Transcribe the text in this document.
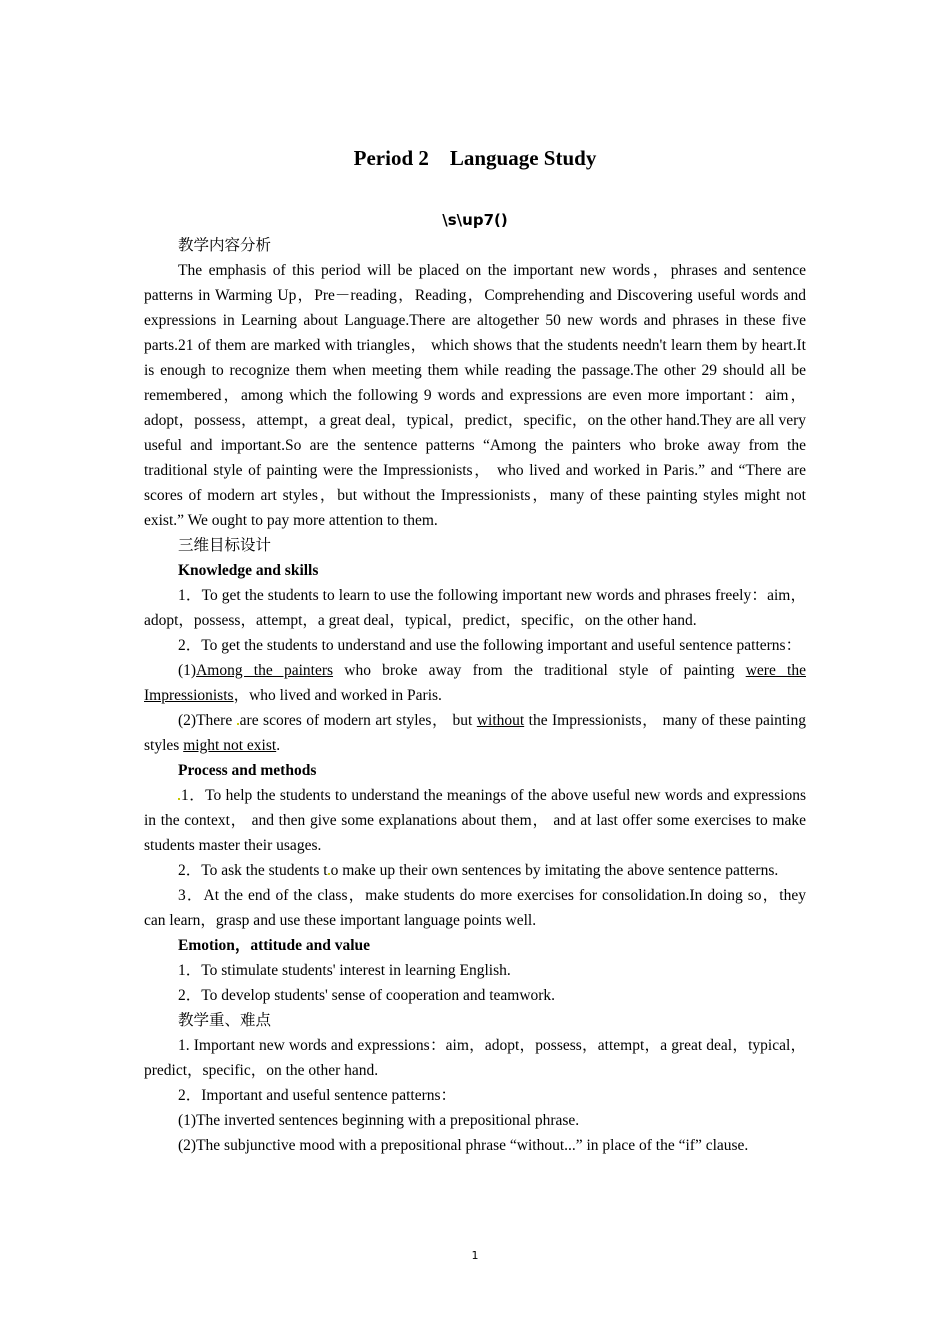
Period 2　Language Study
\s\up7()

教学内容分析

The emphasis of this period will be placed on the important new words，phrases and sentence patterns in Warming Up，Pre－reading，Reading，Comprehending and Discovering useful words and expressions in Learning about Language.There are altogether 50 new words and phrases in these five parts.21 of them are marked with triangles， which shows that the students needn't learn them by heart.It is enough to recognize them when meeting them while reading the passage.The other 29 should all be remembered，among which the following 9 words and expressions are even more important：aim，adopt，possess，attempt，a great deal，typical，predict，specific，on the other hand.They are all very useful and important.So are the sentence patterns “Among the painters who broke away from the traditional style of painting were the Impressionists， who lived and worked in Paris.” and “There are scores of modern art styles，but without the Impressionists，many of these painting styles might not exist.” We ought to pay more attention to them.

三维目标设计

Knowledge and skills

1．To get the students to learn to use the following important new words and phrases freely：aim，adopt，possess，attempt，a great deal，typical，predict，specific，on the other hand.

2．To get the students to understand and use the following important and useful sentence patterns：

(1)Among the painters who broke away from the traditional style of painting were the Impressionists，who lived and worked in Paris.

(2)There are scores of modern art styles， but without the Impressionists， many of these painting styles might not exist.

Process and methods

1．To help the students to understand the meanings of the above useful new words and expressions in the context， and then give some explanations about them， and at last offer some exercises to make students master their usages.

2．To ask the students t o make up their own sentences by imitating the above sentence patterns.

3．At the end of the class，make students do more exercises for consolidation.In doing so，they can learn，grasp and use these important language points well.

Emotion，attitude and value

1．To stimulate students' interest in learning English.

2．To develop students' sense of cooperation and teamwork.

教学重、难点

1. Important new words and expressions：aim，adopt，possess，attempt，a great deal，typical，predict，specific，on the other hand.

2．Important and useful sentence patterns：

(1)The inverted sentences beginning with a prepositional phrase.

(2)The subjunctive mood with a prepositional phrase “without...” in place of the “if” clause.

1
